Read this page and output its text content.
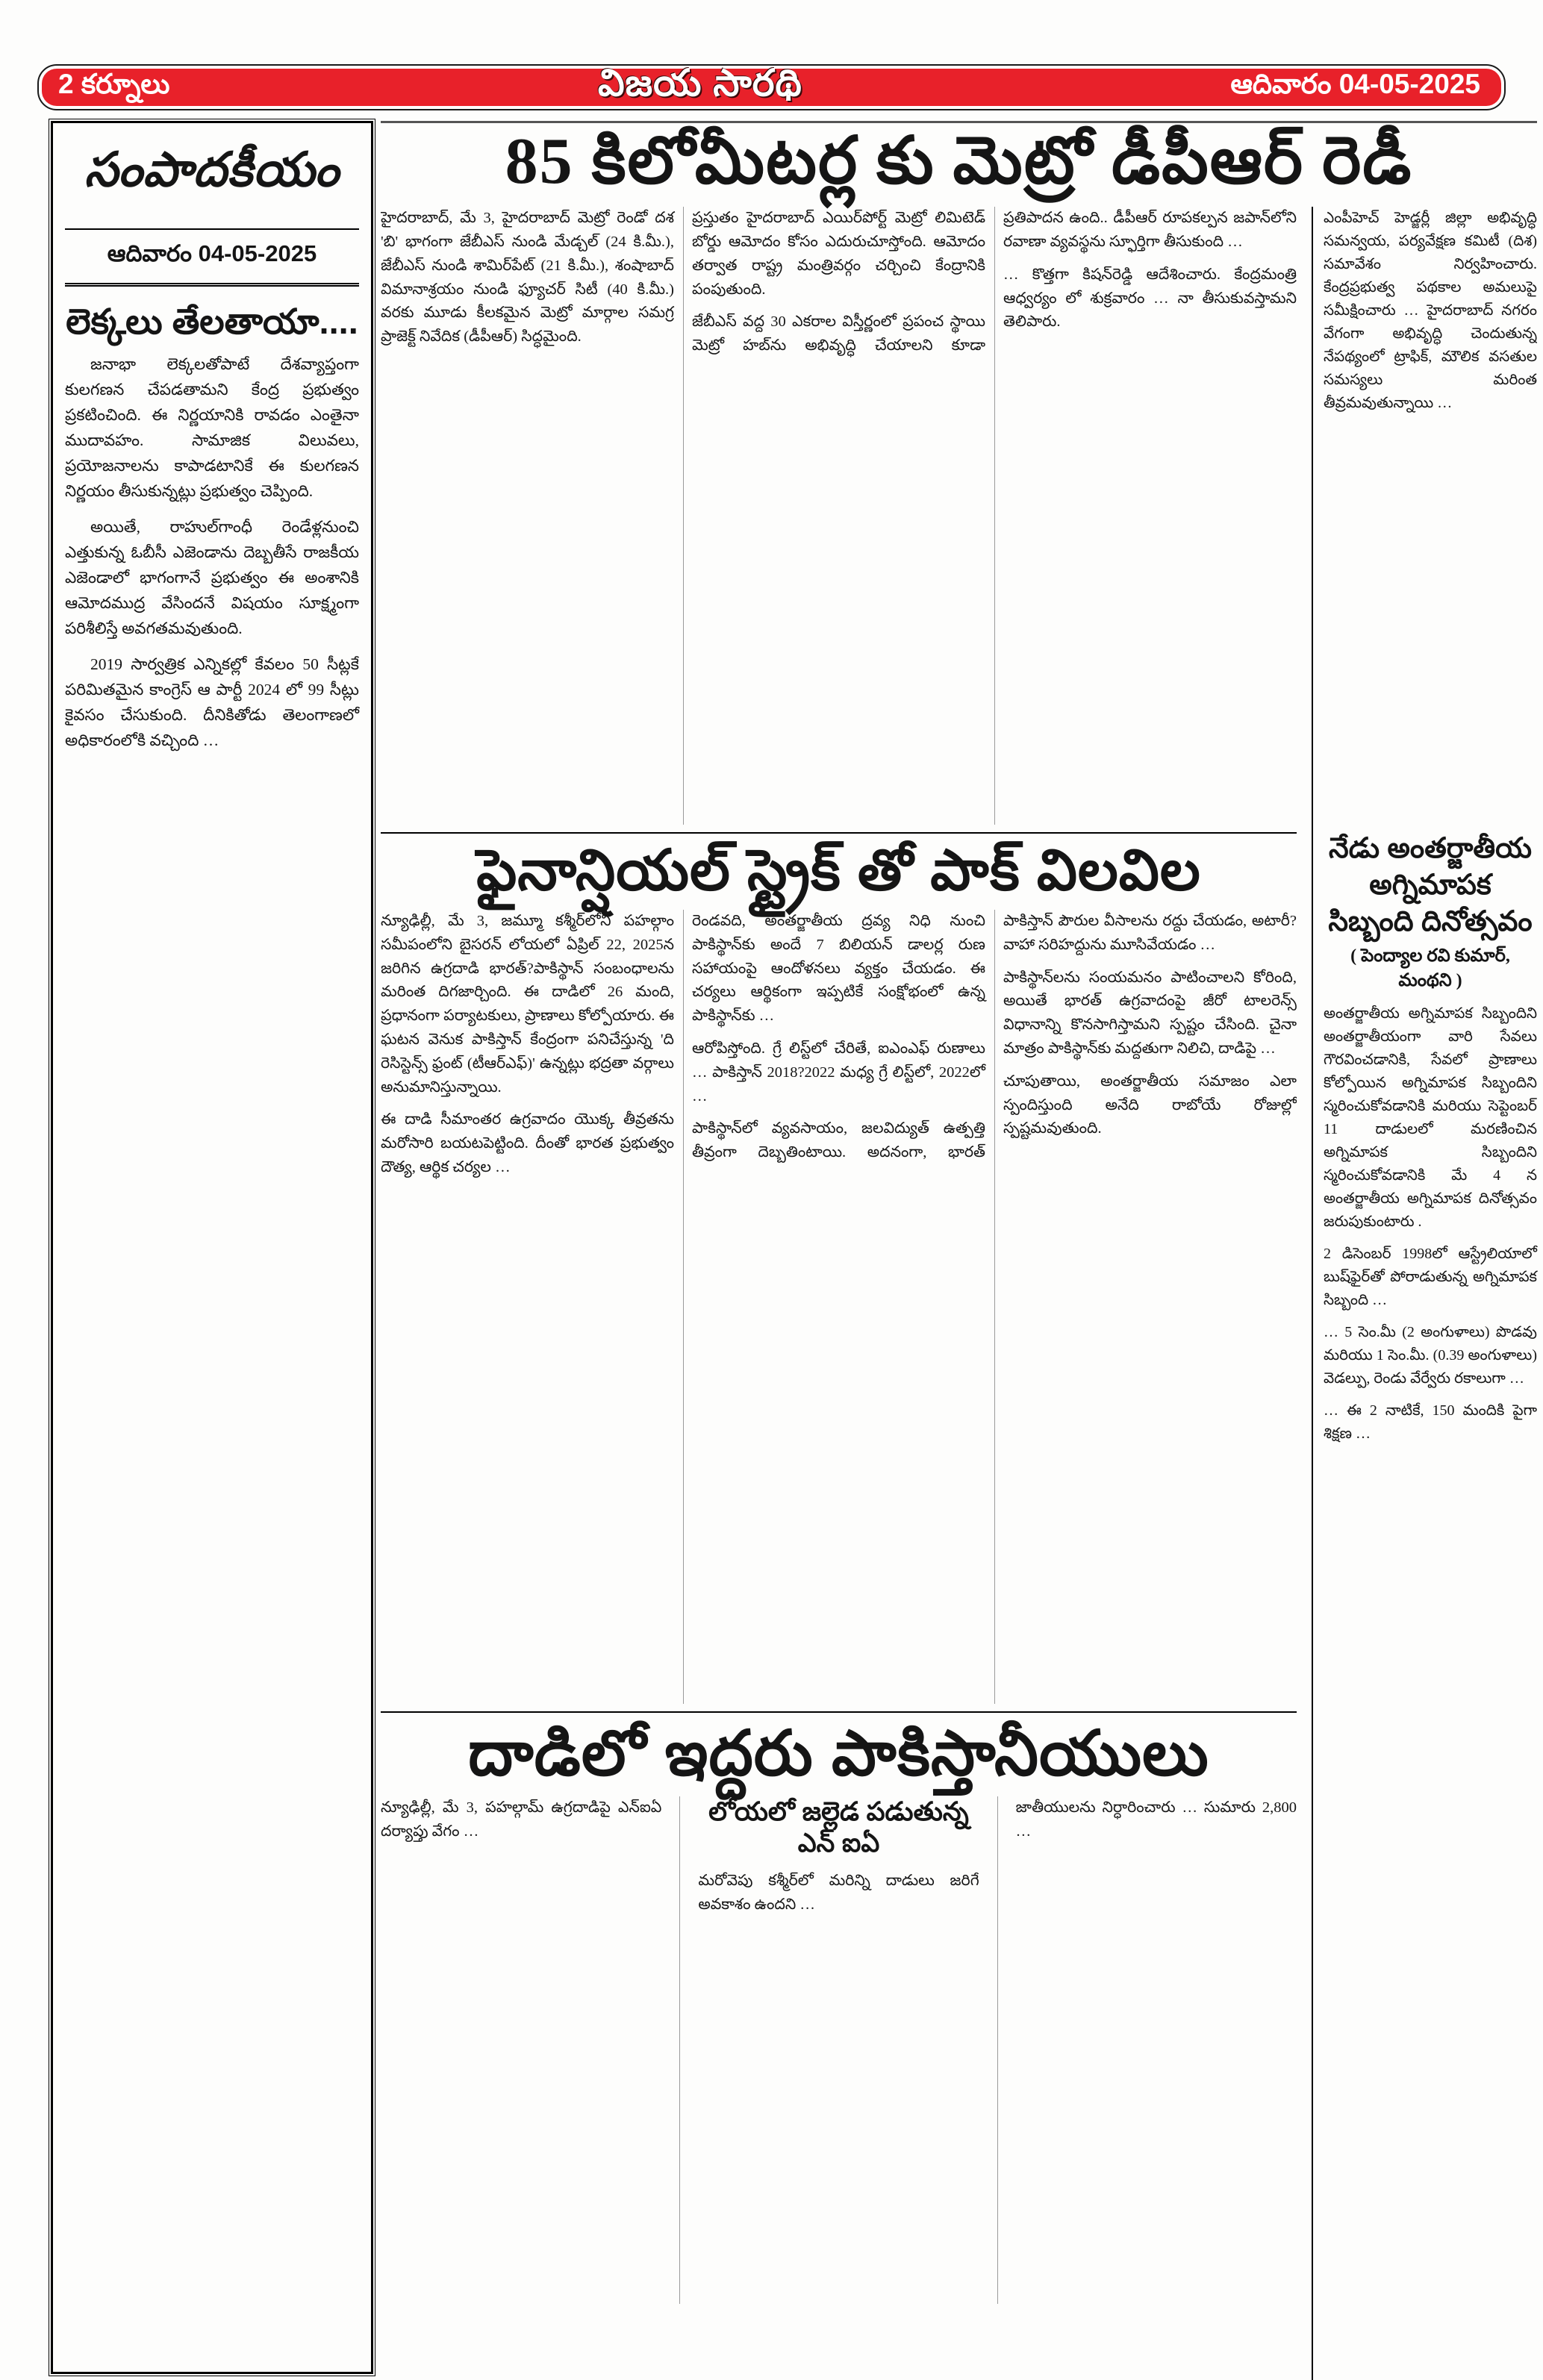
2 కర్నూలు	విజయ సారథి	ఆదివారం 04-05-2025
సంపాదకీయం
ఆదివారం 04-05-2025
లెక్కలు తేలతాయా....

జనాభా లెక్కలతోపాటే దేశవ్యాప్తంగా కులగణన చేపడతామని కేంద్ర ప్రభుత్వం ప్రకటించింది. ఈ నిర్ణయానికి రావడం ఎంతైనా ముదావహం. సామాజిక విలువలు, ప్రయోజనాలను కాపాడటానికే ఈ కులగణన నిర్ణయం తీసుకున్నట్లు ప్రభుత్వం చెప్పింది.

అయితే, రాహుల్‌గాంధీ రెండేళ్లనుంచి ఎత్తుకున్న ఓబీసీ ఎజెండాను దెబ్బతీసే రాజకీయ ఎజెండాలో భాగంగానే ప్రభుత్వం ఈ అంశానికి ఆమోదముద్ర వేసిందనే విషయం సూక్ష్మంగా పరిశీలిస్తే అవగతమవుతుంది.

2019 సార్వత్రిక ఎన్నికల్లో కేవలం 50 సీట్లకే పరిమితమైన కాంగ్రెస్ ఆ పార్టీ 2024 లో 99 సీట్లు కైవసం చేసుకుంది. దీనికితోడు తెలంగాణలో అధికారంలోకి వచ్చింది …

85 కిలోమీటర్ల కు మెట్రో డీపీఆర్ రెడీ
ఎంపీహెచ్ హెడ్జర్లీ జిల్లా అభివృద్ధి సమన్వయ, పర్యవేక్షణ కమిటీ (దిశ) సమావేశం నిర్వహించారు. కేంద్రప్రభుత్వ పథకాల అమలుపై సమీక్షించారు … హైదరాబాద్ నగరం వేగంగా అభివృద్ధి చెందుతున్న నేపథ్యంలో ట్రాఫిక్, మౌలిక వసతుల సమస్యలు మరింత తీవ్రమవుతున్నాయి …
నేడు అంతర్జాతీయ అగ్నిమాపక సిబ్బంది దినోత్సవం
( పెంద్యాల రవి కుమార్, మంథని )

అంతర్జాతీయ అగ్నిమాపక సిబ్బందిని అంతర్జాతీయంగా వారి సేవలు గౌరవించడానికి, సేవలో ప్రాణాలు కోల్పోయిన అగ్నిమాపక సిబ్బందిని స్మరించుకోవడానికి మరియు సెప్టెంబర్ 11 దాడులలో మరణించిన అగ్నిమాపక సిబ్బందిని స్మరించుకోవడానికి మే 4 న అంతర్జాతీయ అగ్నిమాపక దినోత్సవం జరుపుకుంటారు .

2 డిసెంబర్ 1998లో ఆస్ట్రేలియాలో బుష్‌ఫైర్‌తో పోరాడుతున్న అగ్నిమాపక సిబ్బంది …

… 5 సెం.మీ (2 అంగుళాలు) పొడవు మరియు 1 సెం.మీ. (0.39 అంగుళాలు) వెడల్పు, రెండు వేర్వేరు రకాలుగా …

… ఈ 2 నాటికే, 150 మందికి పైగా శిక్షణ …

హైదరాబాద్, మే 3, హైదరాబాద్ మెట్రో రెండో దశ 'బి' భాగంగా జేబీఎస్ నుండి మేడ్చల్ (24 కి.మీ.), జేబీఎస్ నుండి శామిర్‌పేట్ (21 కి.మీ.), శంషాబాద్ విమానాశ్రయం నుండి ఫ్యూచర్ సిటీ (40 కి.మీ.) వరకు మూడు కీలకమైన మెట్రో మార్గాల సమగ్ర ప్రాజెక్ట్ నివేదిక (డీపీఆర్) సిద్ధమైంది.

ప్రస్తుతం హైదరాబాద్ ఎయిర్‌పోర్ట్ మెట్రో లిమిటెడ్ బోర్డు ఆమోదం కోసం ఎదురుచూస్తోంది. ఆమోదం తర్వాత రాష్ట్ర మంత్రివర్గం చర్చించి కేంద్రానికి పంపుతుంది.

జేబీఎస్ వద్ద 30 ఎకరాల విస్తీర్ణంలో ప్రపంచ స్థాయి మెట్రో హబ్‌ను అభివృద్ధి చేయాలని కూడా ప్రతిపాదన ఉంది.. డీపీఆర్ రూపకల్పన జపాన్‌లోని రవాణా వ్యవస్థను స్ఫూర్తిగా తీసుకుంది …

… కొత్తగా కిషన్‌రెడ్డి ఆదేశించారు. కేంద్రమంత్రి ఆధ్వర్యం లో శుక్రవారం … నా తీసుకువస్తామని తెలిపారు.

ఫైనాన్షియల్ స్ట్రైక్ తో పాక్ విలవిల

న్యూఢిల్లీ, మే 3, జమ్మూ కశ్మీర్‌లోని పహల్గాం సమీపంలోని బైసరన్ లోయలో ఏప్రిల్ 22, 2025న జరిగిన ఉగ్రదాడి భారత్?పాకిస్థాన్ సంబంధాలను మరింత దిగజార్చింది. ఈ దాడిలో 26 మంది, ప్రధానంగా పర్యాటకులు, ప్రాణాలు కోల్పోయారు. ఈ ఘటన వెనుక పాకిస్తాన్ కేంద్రంగా పనిచేస్తున్న 'ది రెసిస్టెన్స్ ఫ్రంట్ (టీఆర్ఎఫ్)' ఉన్నట్లు భద్రతా వర్గాలు అనుమానిస్తున్నాయి.

ఈ దాడి సీమాంతర ఉగ్రవాదం యొక్క తీవ్రతను మరోసారి బయటపెట్టింది. దీంతో భారత ప్రభుత్వం దౌత్య, ఆర్థిక చర్యల …

రెండవది, అంతర్జాతీయ ద్రవ్య నిధి నుంచి పాకిస్థాన్‌కు అందే 7 బిలియన్ డాలర్ల రుణ సహాయంపై ఆందోళనలు వ్యక్తం చేయడం. ఈ చర్యలు ఆర్థికంగా ఇప్పటికే సంక్షోభంలో ఉన్న పాకిస్థాన్‌కు …

ఆరోపిస్తోంది. గ్రే లిస్ట్‌లో చేరితే, ఐఎంఎఫ్ రుణాలు … పాకిస్తాన్ 2018?2022 మధ్య గ్రే లిస్ట్‌లో, 2022లో …

పాకిస్థాన్‌లో వ్యవసాయం, జలవిద్యుత్ ఉత్పత్తి తీవ్రంగా దెబ్బతింటాయి. అదనంగా, భారత్ పాకిస్తాన్ పౌరుల వీసాలను రద్దు చేయడం, అటారీ?వాహా సరిహద్దును మూసివేయడం …

పాకిస్థాన్‌లను సంయమనం పాటించాలని కోరింది, అయితే భారత్ ఉగ్రవాదంపై జీరో టాలరెన్స్ విధానాన్ని కొనసాగిస్తామని స్పష్టం చేసింది. చైనా మాత్రం పాకిస్థాన్‌కు మద్దతుగా నిలిచి, దాడిపై …

చూపుతాయి, అంతర్జాతీయ సమాజం ఎలా స్పందిస్తుంది అనేది రాబోయే రోజుల్లో స్పష్టమవుతుంది.

దాడిలో ఇద్దరు పాకిస్తానీయులు

న్యూఢిల్లీ, మే 3, పహల్గామ్ ఉగ్రదాడిపై ఎన్ఐఏ దర్యాప్తు వేగం …

లోయలో జల్లెడ పడుతున్న ఎన్ ఐఏ

మరోవెపు కశ్మీర్‌లో మరిన్ని దాడులు జరిగే అవకాశం ఉందని …

జాతీయులను నిర్ధారించారు … సుమారు 2,800 …
